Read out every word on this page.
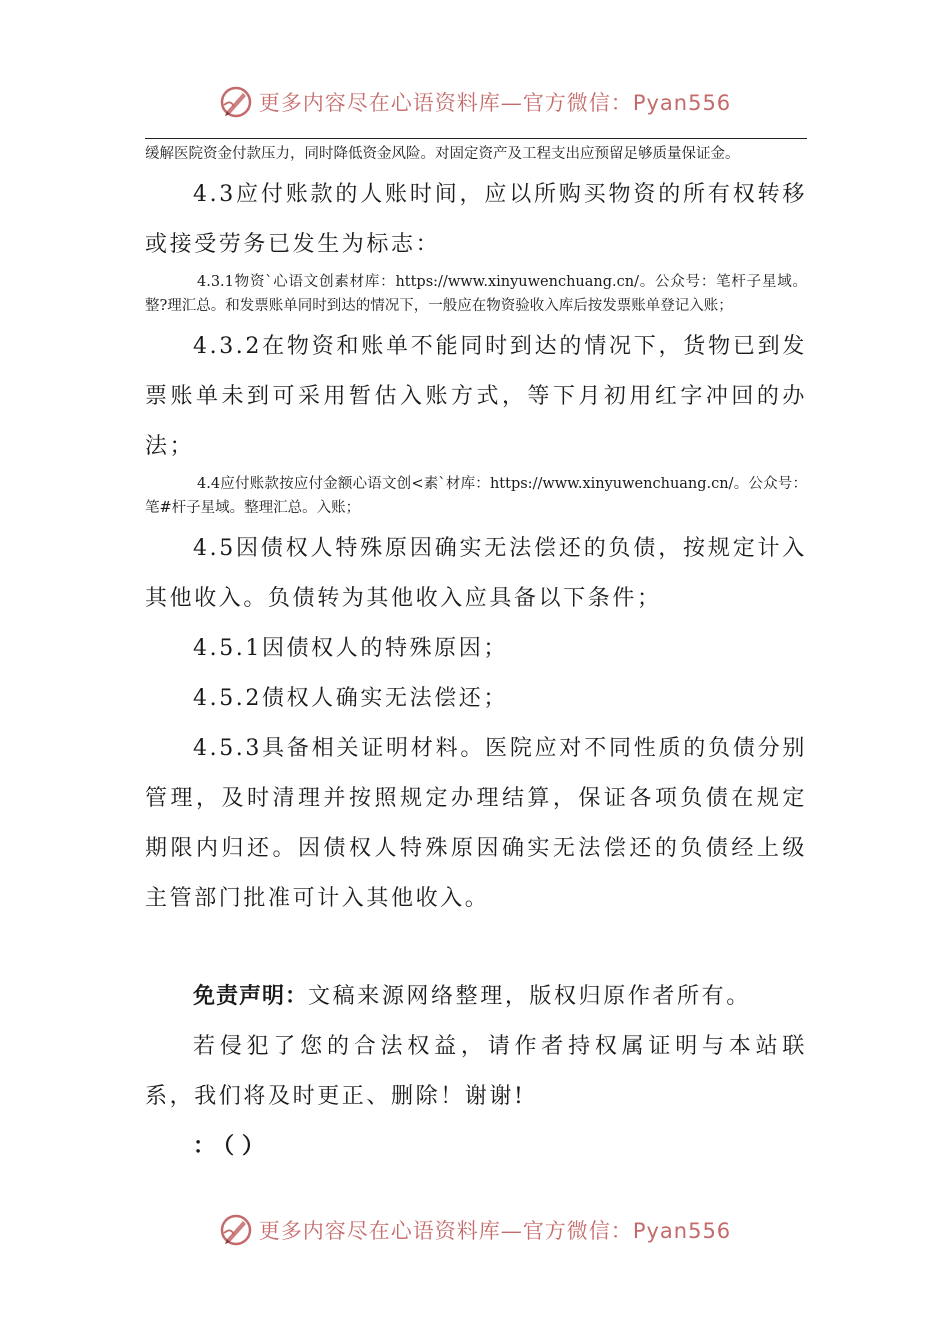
更多内容尽在心语资料库—官方微信：Pyan556

缓解医院资金付款压力，同时降低资金风险。对固定资产及工程支出应预留足够质量保证金。

4.3应付账款的人账时间，应以所购买物资的所有权转移或接受劳务已发生为标志：

4.3.1物资`心语文创素材库：https://www.xinyuwenchuang.cn/。公众号：笔杆子星域。整?理汇总。和发票账单同时到达的情况下，一般应在物资验收入库后按发票账单登记入账；

4.3.2在物资和账单不能同时到达的情况下，货物已到发票账单未到可采用暂估入账方式，等下月初用红字冲回的办法；

4.4应付账款按应付金额心语文创<素`材库：https://www.xinyuwenchuang.cn/。公众号：笔#杆子星域。整理汇总。入账；

4.5因债权人特殊原因确实无法偿还的负债，按规定计入其他收入。负债转为其他收入应具备以下条件；

4.5.1因债权人的特殊原因；

4.5.2债权人确实无法偿还；

4.5.3具备相关证明材料。医院应对不同性质的负债分别管理，及时清理并按照规定办理结算，保证各项负债在规定期限内归还。因债权人特殊原因确实无法偿还的负债经上级主管部门批准可计入其他收入。

免责声明：文稿来源网络整理，版权归原作者所有。

若侵犯了您的合法权益，请作者持权属证明与本站联系，我们将及时更正、删除！谢谢!

：（）

更多内容尽在心语资料库—官方微信：Pyan556
